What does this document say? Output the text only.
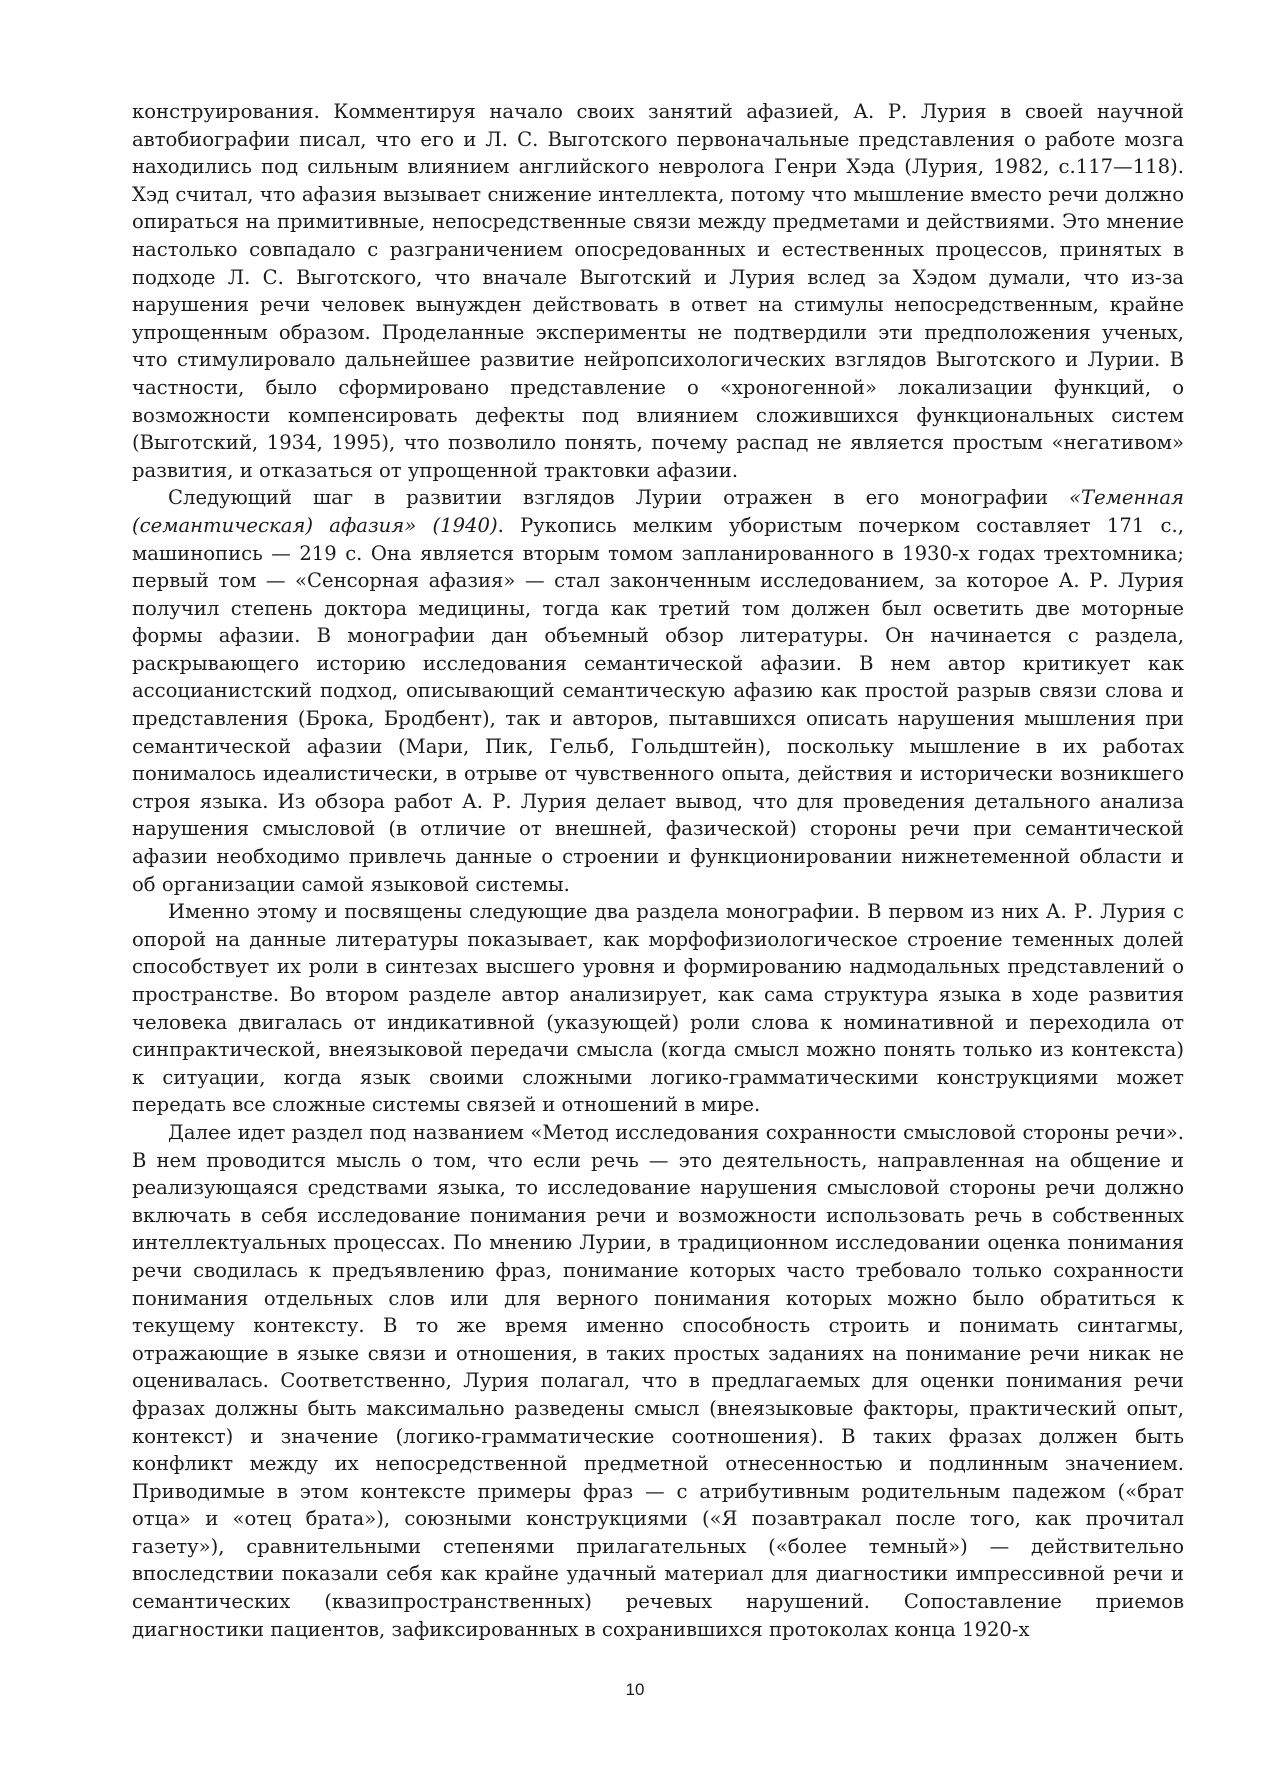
конструирования. Комментируя начало своих занятий афазией, А. Р. Лурия в своей научной автобиографии писал, что его и Л. С. Выготского первоначальные представления о работе мозга находились под сильным влиянием английского невролога Генри Хэда (Лурия, 1982, с.117—118). Хэд считал, что афазия вызывает снижение интеллекта, потому что мышление вместо речи должно опираться на примитивные, непосредственные связи между предметами и действиями. Это мнение настолько совпадало с разграничением опосредованных и естественных процессов, принятых в подходе Л. С. Выготского, что вначале Выготский и Лурия вслед за Хэдом думали, что из-за нарушения речи человек вынужден действовать в ответ на стимулы непосредственным, крайне упрощенным образом. Проделанные эксперименты не подтвердили эти предположения ученых, что стимулировало дальнейшее развитие нейропсихологических взглядов Выготского и Лурии. В частности, было сформировано представление о «хроногенной» локализации функций, о возможности компенсировать дефекты под влиянием сложившихся функциональных систем (Выготский, 1934, 1995), что позволило понять, почему распад не является простым «негативом» развития, и отказаться от упрощенной трактовки афазии.

Следующий шаг в развитии взглядов Лурии отражен в его монографии «Теменная (семантическая) афазия» (1940). Рукопись мелким убористым почерком составляет 171 с., машинопись — 219 с. Она является вторым томом запланированного в 1930-х годах трехтомника; первый том — «Сенсорная афазия» — стал законченным исследованием, за которое А. Р. Лурия получил степень доктора медицины, тогда как третий том должен был осветить две моторные формы афазии. В монографии дан объемный обзор литературы. Он начинается с раздела, раскрывающего историю исследования семантической афазии. В нем автор критикует как ассоцианистский подход, описывающий семантическую афазию как простой разрыв связи слова и представления (Брока, Бродбент), так и авторов, пытавшихся описать нарушения мышления при семантической афазии (Мари, Пик, Гельб, Гольдштейн), поскольку мышление в их работах понималось идеалистически, в отрыве от чувственного опыта, действия и исторически возникшего строя языка. Из обзора работ А. Р. Лурия делает вывод, что для проведения детального анализа нарушения смысловой (в отличие от внешней, фазической) стороны речи при семантической афазии необходимо привлечь данные о строении и функционировании нижнетеменной области и об организации самой языковой системы.

Именно этому и посвящены следующие два раздела монографии. В первом из них А. Р. Лурия с опорой на данные литературы показывает, как морфофизиологическое строение теменных долей способствует их роли в синтезах высшего уровня и формированию надмодальных представлений о пространстве. Во втором разделе автор анализирует, как сама структура языка в ходе развития человека двигалась от индикативной (указующей) роли слова к номинативной и переходила от синпрактической, внеязыковой передачи смысла (когда смысл можно понять только из контекста) к ситуации, когда язык своими сложными логико-грамматическими конструкциями может передать все сложные системы связей и отношений в мире.

Далее идет раздел под названием «Метод исследования сохранности смысловой стороны речи». В нем проводится мысль о том, что если речь — это деятельность, направленная на общение и реализующаяся средствами языка, то исследование нарушения смысловой стороны речи должно включать в себя исследование понимания речи и возможности использовать речь в собственных интеллектуальных процессах. По мнению Лурии, в традиционном исследовании оценка понимания речи сводилась к предъявлению фраз, понимание которых часто требовало только сохранности понимания отдельных слов или для верного понимания которых можно было обратиться к текущему контексту. В то же время именно способность строить и понимать синтагмы, отражающие в языке связи и отношения, в таких простых заданиях на понимание речи никак не оценивалась. Соответственно, Лурия полагал, что в предлагаемых для оценки понимания речи фразах должны быть максимально разведены смысл (внеязыковые факторы, практический опыт, контекст) и значение (логико-грамматические соотношения). В таких фразах должен быть конфликт между их непосредственной предметной отнесенностью и подлинным значением. Приводимые в этом контексте примеры фраз — с атрибутивным родительным падежом («брат отца» и «отец брата»), союзными конструкциями («Я позавтракал после того, как прочитал газету»), сравнительными степенями прилагательных («более темный») — действительно впоследствии показали себя как крайне удачный материал для диагностики импрессивной речи и семантических (квазипространственных) речевых нарушений. Сопоставление приемов диагностики пациентов, зафиксированных в сохранившихся протоколах конца 1920-х

10
